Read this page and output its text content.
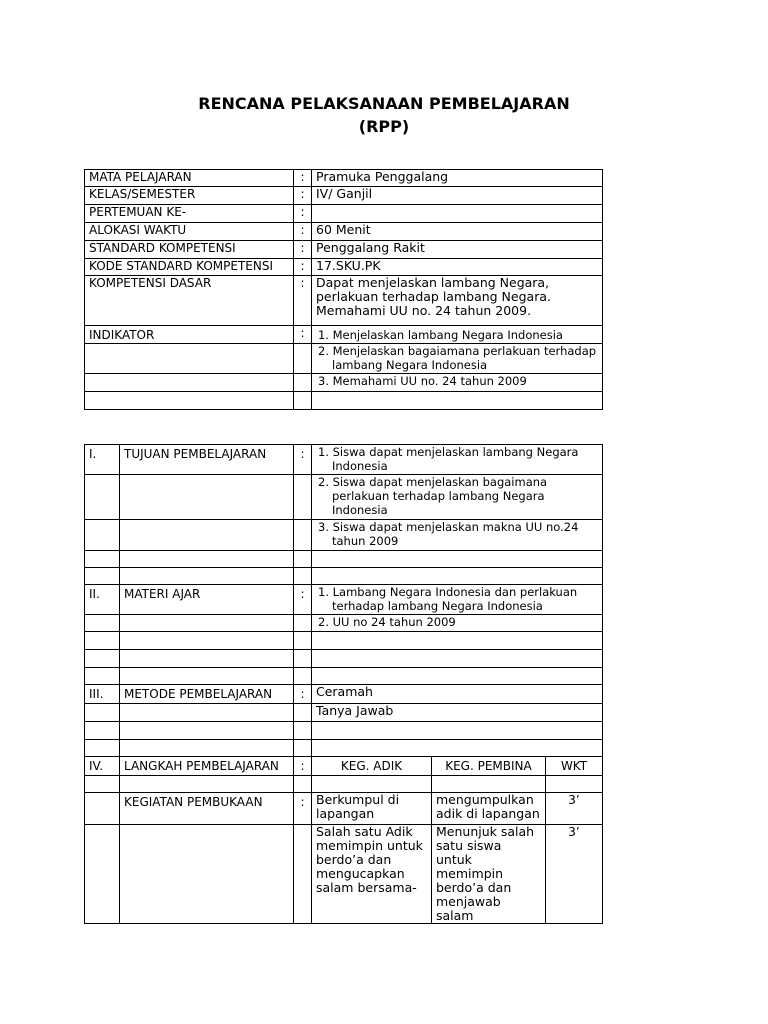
RENCANA PELAKSANAAN PEMBELAJARAN
(RPP)
MATA PELAJARAN	:	Pramuka Penggalang
KELAS/SEMESTER	:	IV/ Ganjil
PERTEMUAN KE-	:	
ALOKASI WAKTU	:	60 Menit
STANDARD KOMPETENSI	:	Penggalang Rakit
KODE STANDARD KOMPETENSI	:	17.SKU.PK
KOMPETENSI DASAR	:	Dapat menjelaskan lambang Negara, perlakuan terhadap lambang Negara. Memahami UU no. 24 tahun 2009.
INDIKATOR	:	1. Menjelaskan lambang Negara Indonesia

		2. Menjelaskan bagaiamana perlakuan terhadap lambang Negara Indonesia

		3. Memahami UU no. 24 tahun 2009

I.	TUJUAN PEMBELAJARAN	:	1. Siswa dapat menjelaskan lambang Negara Indonesia		

			2. Siswa dapat menjelaskan bagaimana perlakuan terhadap lambang Negara Indonesia		

			3. Siswa dapat menjelaskan makna UU no.24 tahun 2009		

II.	MATERI AJAR	:	1. Lambang Negara Indonesia dan perlakuan terhadap lambang Negara Indonesia		

			2. UU no 24 tahun 2009		

III.	METODE PEMBELAJARAN	:	Ceramah		
			Tanya Jawab		

IV.	LANGKAH PEMBELAJARAN	:	KEG. ADIK	KEG. PEMBINA	WKT

	KEGIATAN PEMBUKAAN	:	Berkumpul di lapangan	mengumpulkan adik di lapangan	3’
			Salah satu Adik memimpin untuk berdo’a dan mengucapkan salam bersama-	Menunjuk salah satu siswa untuk memimpin berdo’a dan menjawab salam	3’
